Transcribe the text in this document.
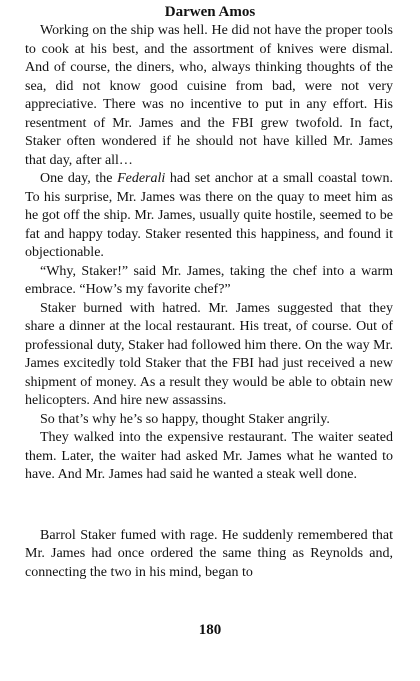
Darwen Amos

Working on the ship was hell. He did not have the proper tools to cook at his best, and the assortment of knives were dismal. And of course, the diners, who, always thinking thoughts of the sea, did not know good cuisine from bad, were not very appreciative. There was no incentive to put in any effort. His resentment of Mr. James and the FBI grew twofold. In fact, Staker often wondered if he should not have killed Mr. James that day, after all…

One day, the Federali had set anchor at a small coastal town. To his surprise, Mr. James was there on the quay to meet him as he got off the ship. Mr. James, usually quite hostile, seemed to be fat and happy today. Staker resented this happiness, and found it objectionable.

“Why, Staker!” said Mr. James, taking the chef into a warm embrace. “How’s my favorite chef?”

Staker burned with hatred. Mr. James suggested that they share a dinner at the local restaurant. His treat, of course. Out of professional duty, Staker had followed him there. On the way Mr. James excitedly told Staker that the FBI had just received a new shipment of money. As a result they would be able to obtain new helicopters. And hire new assassins.

So that’s why he’s so happy, thought Staker angrily.

They walked into the expensive restaurant. The waiter seated them. Later, the waiter had asked Mr. James what he wanted to have. And Mr. James had said he wanted a steak well done.

Barrol Staker fumed with rage. He suddenly remembered that Mr. James had once ordered the same thing as Reynolds and, connecting the two in his mind, began to

180
